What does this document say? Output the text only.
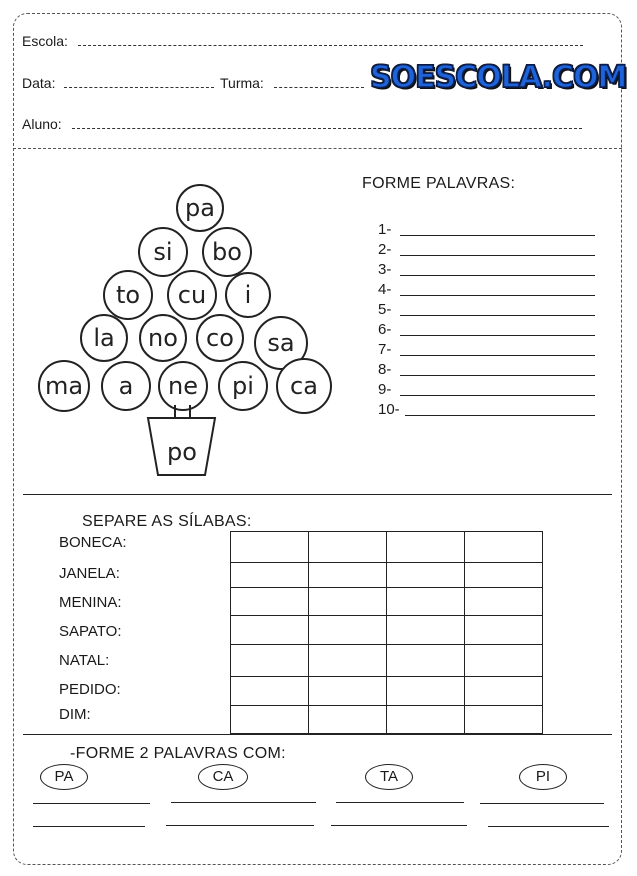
Escola:
Data:	Turma:	SOESCOLA.COM
Aluno:
pa
si bo
to cu i
la no co sa
ma a ne pi ca
po
FORME PALAVRAS:
1-
2-
3-
4-
5-
6-
7-
8-
9-
10-
SEPARE AS SÍLABAS:
BONECA:
JANELA:
MENINA:
SAPATO:
NATAL:
PEDIDO:
DIM:

-FORME 2 PALAVRAS COM:
PA	CA	TA	PI
